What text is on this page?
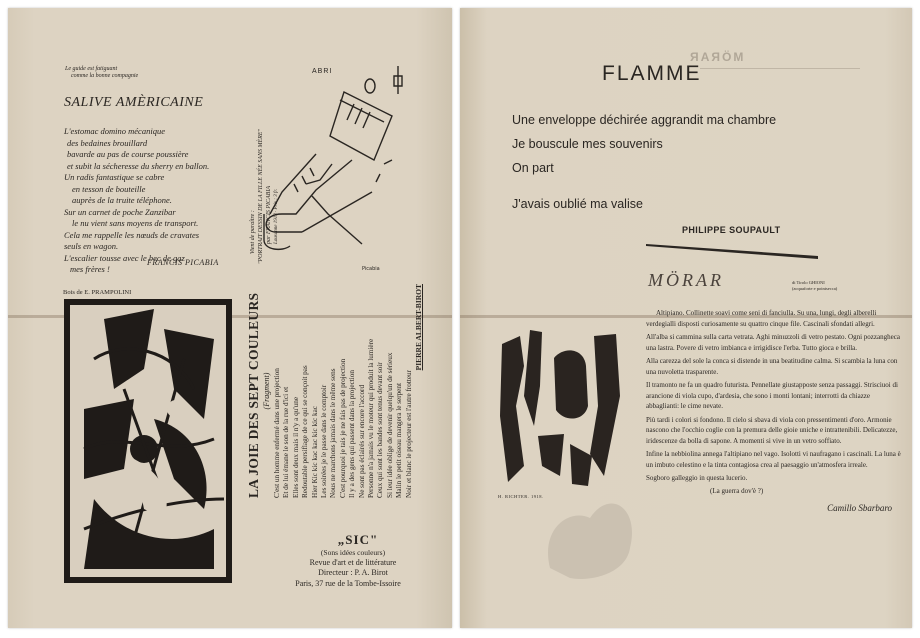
Le guide est fatiguant
comme la bonne compagnie
SALIVE AMÈRICAINE
L'estomac domino mécanique
des bedaines brouillard
bavarde au pas de course poussière
et subit la sécheresse du sherry en ballon.
Un radis fantastique se cabre
en tesson de bouteille
auprès de la truite téléphone.
Sur un carnet de poche Zanzibar
le nu vient sans moyens de transport.
Cela me rappelle les nœuds de cravates
seuls en wagon.
L'escalier tousse avec le bec de gaz
mes frères !
FRANCIS PICABIA
ABRI
Picabia
Vient de paraître : "PORTRAIT DESSIN DE LA FILLE NÉE SANS MÈRE" par FRANCIS PICABIA Lausanne 1918 · Prix : 3 fr.
Bois de E. PRAMPOLINI
LA JOIE DES SEPT COULEURS (Fragment) C'est un homme enfermé dans une projection Et de lui émane le son de la rue d'ici et Elles sont deux mais il n'y a qu'une Redoutable persiflage de ce qui se conçoit pas Hier Kic kic kac kac kic kic kac Les soirées je le passe dans le comptoir Nous ne marchons jamais dans le même sens C'est pourquoi je tais je ne fais pas de projection Il y a des gens qui passent dans la projection Ne sont pas éclairés sur encore l'accord Personne n'a jamais vu le moteur qui produit la lumière Ceux qui sont les bandes sont tenus devant soir Si leur idée oblige de devenir quelqu'un de sérieux Malin le petit oiseau mangera le serpent Noir et blanc le projecteur est l'autre frotteur
PIERRE ALBERT-BIROT
„SIC"
(Sons idées couleurs)
Revue d'art et de littérature
Directeur : P. A. Birot
Paris, 37 rue de la Tombe-Issoire
MÖRAR
FLAMME
Une enveloppe déchirée aggrandit ma chambre
Je bouscule mes souvenirs
On part
J'avais oublié ma valise
PHILIPPE SOUPAULT
MÖRAR	di Tirolo GHIONI
(acquaforte e pointsecca)
H. RICHTER. 1918.

Altipiano. Collinette soavi come seni di fanciulla. Su una, lungi, degli alberelli verdegialli disposti curiosamente su quattro cinque file. Cascinali sfondati allegri.

All'alba si cammina sulla carta vetrata. Aghi minuzzoli di vetro pestato. Ogni pozzangheca una lastra. Povere di vetro imbianca e irrigidisce l'erba. Tutto gioca e brilla.

Alla carezza del sole la conca si distende in una beatitudine calma. Si scambia la luna con una nuvoletta trasparente.

Il tramonto ne fa un quadro futurista. Pennellate giustapposte senza passaggi. Strisciuoi di arancione di viola cupo, d'ardesia, che sono i monti lontani; interrotti da chiazze abbaglianti: le cime nevate.

Più tardi i colori si fondono. Il cielo si sbava di viola con pressentimenti d'oro. Armonie nascono che l'occhio coglie con la premura delle gioie uniche e intrattenibili. Delicatezze, iridescenze da bolla di sapone. A momenti si vive in un vetro soffiato.

Infine la nebbiolina annega l'altipiano nel vago. Isolotti vi naufragano i cascinali. La luna è un imbuto celestino e la tinta contagiosa crea al paesaggio un'atmosfera irreale.

Sogboro galleggio in questa lucerio.

(La guerra dov'è ?)
Camillo Sbarbaro
